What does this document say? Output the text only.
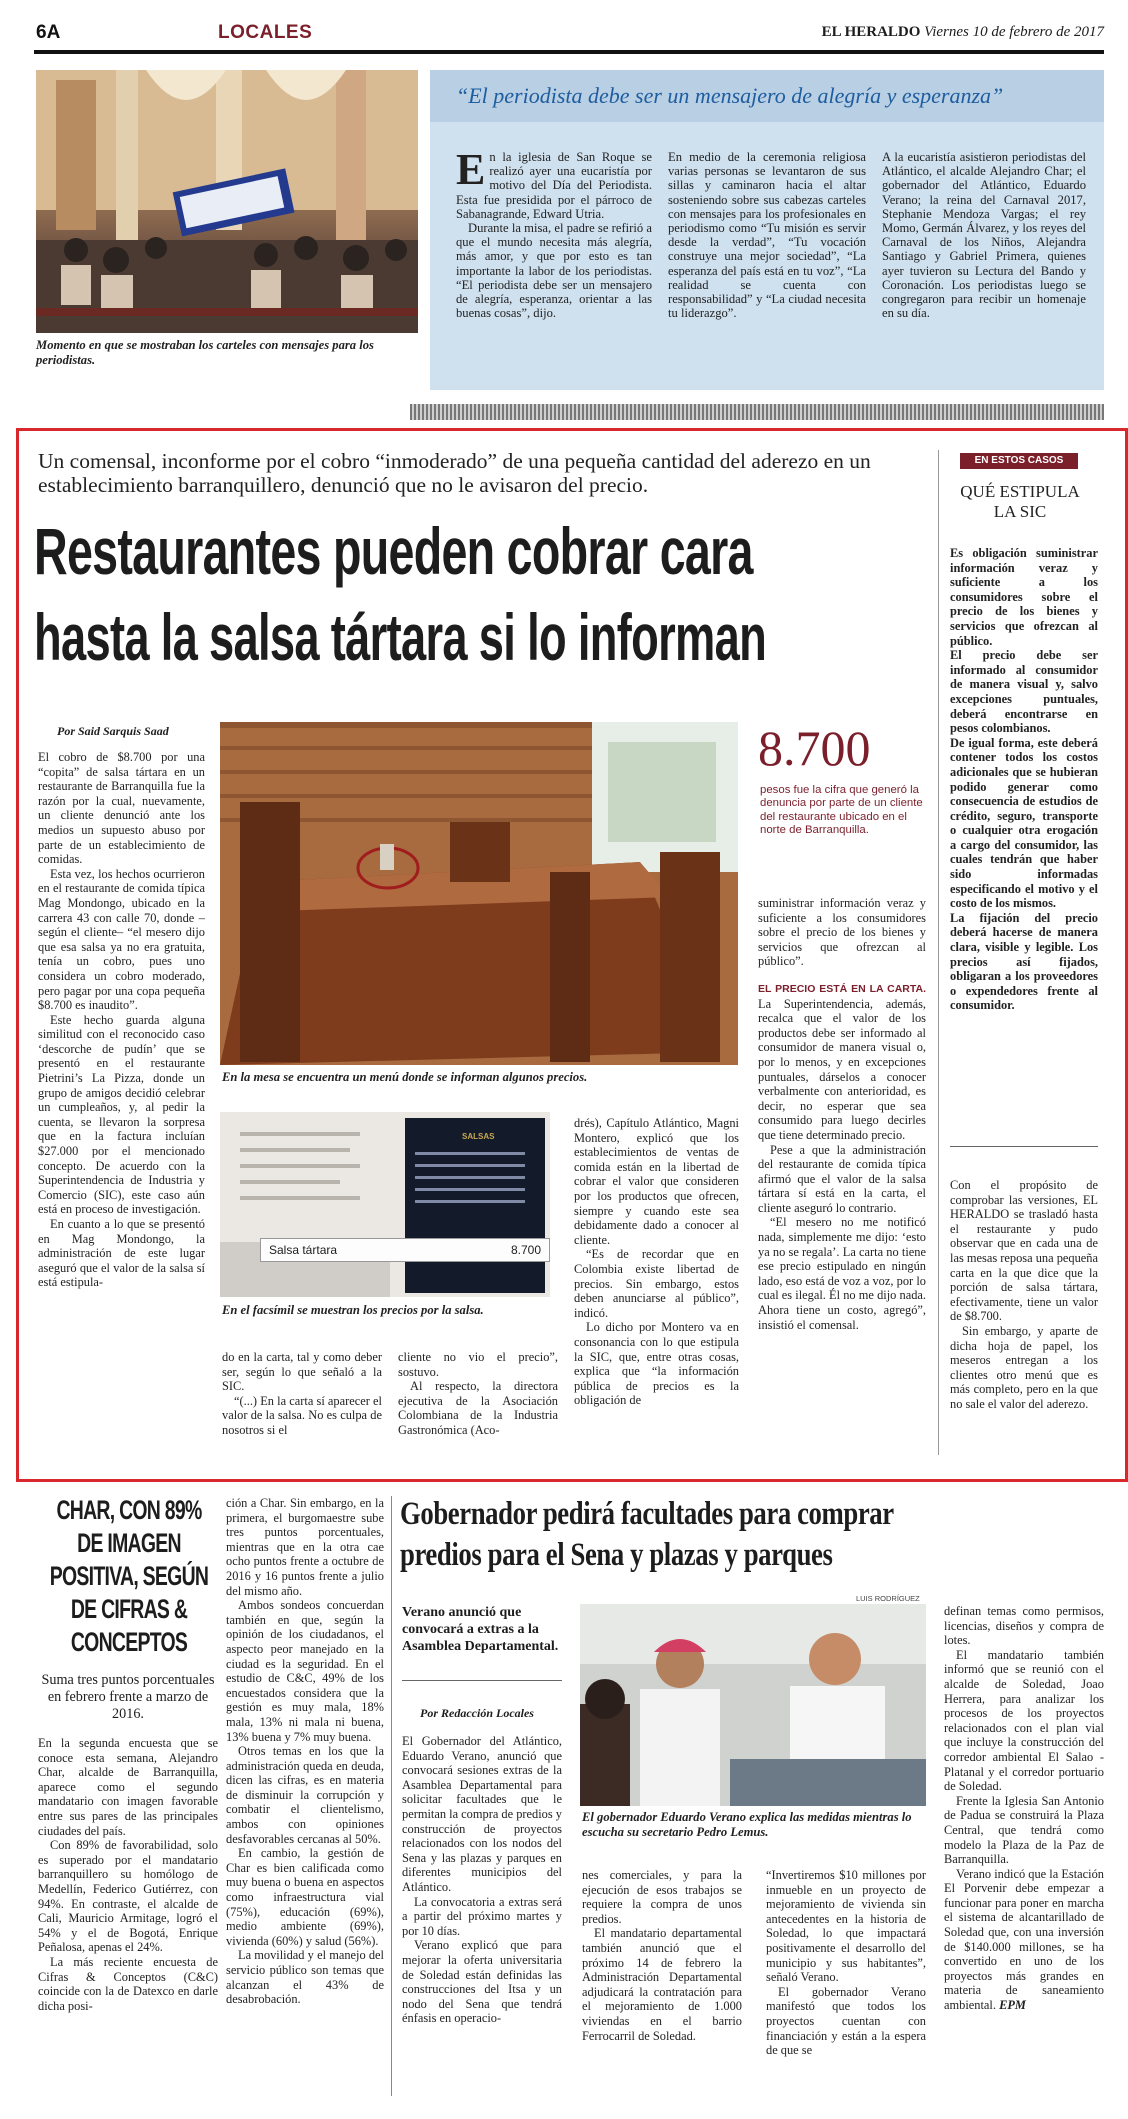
6A	LOCALES	EL HERALDO Viernes 10 de febrero de 2017
Momento en que se mostraban los carteles con mensajes para los periodistas.
“El periodista debe ser un mensajero de alegría y esperanza”
E n la iglesia de San Roque se realizó ayer una eucaristía por motivo del Día del Periodista. Esta fue presidida por el párroco de Sabanagrande, Edward Utria.

Durante la misa, el padre se refirió a que el mundo necesita más alegría, más amor, y que por esto es tan importante la labor de los periodistas. “El periodista debe ser un mensajero de alegría, esperanza, orientar a las buenas cosas”, dijo.

En medio de la ceremonia religiosa varias personas se levantaron de sus sillas y caminaron hacia el altar sosteniendo sobre sus cabezas carteles con mensajes para los profesionales en periodismo como “Tu misión es servir desde la verdad”, “Tu vocación construye una mejor sociedad”, “La esperanza del país está en tu voz”, “La realidad se cuenta con responsabilidad” y “La ciudad necesita tu liderazgo”.

A la eucaristía asistieron periodistas del Atlántico, el alcalde Alejandro Char; el gobernador del Atlántico, Eduardo Verano; la reina del Carnaval 2017, Stephanie Mendoza Vargas; el rey Momo, Germán Álvarez, y los reyes del Carnaval de los Niños, Alejandra Santiago y Gabriel Primera, quienes ayer tuvieron su Lectura del Bando y Coronación. Los periodistas luego se congregaron para recibir un homenaje en su día.

Un comensal, inconforme por el cobro “inmoderado” de una pequeña cantidad del aderezo en un establecimiento barranquillero, denunció que no le avisaron del precio.
Restaurantes pueden cobrar cara
hasta la salsa tártara si lo informan
Por Said Sarquis Saad

El cobro de $8.700 por una “copita” de salsa tártara en un restaurante de Barranquilla fue la razón por la cual, nuevamente, un cliente denunció ante los medios un supuesto abuso por parte de un establecimiento de comidas.

Esta vez, los hechos ocurrieron en el restaurante de comida típica Mag Mondongo, ubicado en la carrera 43 con calle 70, donde –según el cliente– “el mesero dijo que esa salsa ya no era gratuita, tenía un cobro, pues uno considera un cobro moderado, pero pagar por una copa pequeña $8.700 es inaudito”.

Este hecho guarda alguna similitud con el reconocido caso ‘descorche de pudín’ que se presentó en el restaurante Pietrini’s La Pizza, donde un grupo de amigos decidió celebrar un cumpleaños, y, al pedir la cuenta, se llevaron la sorpresa que en la factura incluían $27.000 por el mencionado concepto. De acuerdo con la Superintendencia de Industria y Comercio (SIC), este caso aún está en proceso de investigación.

En cuanto a lo que se presentó en Mag Mondongo, la administración de este lugar aseguró que el valor de la salsa sí está estipula-

En la mesa se encuentra un menú donde se informan algunos precios.
8.700
pesos fue la cifra que generó la denuncia por parte de un cliente del restaurante ubicado en el norte de Barranquilla.
SALSAS
Salsa tártara	8.700
En el facsímil se muestran los precios por la salsa.

do en la carta, tal y como deber ser, según lo que señaló a la SIC.

“(...) En la carta sí aparecer el valor de la salsa. No es culpa de nosotros si el

cliente no vio el precio”, sostuvo.

Al respecto, la directora ejecutiva de la Asociación Colombiana de la Industria Gastronómica (Aco-

drés), Capítulo Atlántico, Magni Montero, explicó que los establecimientos de ventas de comida están en la libertad de cobrar el valor que consideren por los productos que ofrecen, siempre y cuando este sea debidamente dado a conocer al cliente.

“Es de recordar que en Colombia existe libertad de precios. Sin embargo, estos deben anunciarse al público”, indicó.

Lo dicho por Montero va en consonancia con lo que estipula la SIC, que, entre otras cosas, explica que “la información pública de precios es la obligación de

suministrar información veraz y suficiente a los consumidores sobre el precio de los bienes y servicios que ofrezcan al público”.

EL PRECIO ESTÁ EN LA CARTA. La Superintendencia, además, recalca que el valor de los productos debe ser informado al consumidor de manera visual o, por lo menos, y en excepciones puntuales, dárselos a conocer verbalmente con anterioridad, es decir, no esperar que sea consumido para luego decirles que tiene determinado precio.

Pese a que la administración del restaurante de comida típica afirmó que el valor de la salsa tártara sí está en la carta, el cliente aseguró lo contrario.

“El mesero no me notificó nada, simplemente me dijo: ‘esto ya no se regala’. La carta no tiene ese precio estipulado en ningún lado, eso está de voz a voz, por lo cual es ilegal. Él no me dijo nada. Ahora tiene un costo, agregó”, insistió el comensal.

EN ESTOS CASOS
QUÉ ESTIPULA LA SIC

Es obligación suministrar información veraz y suficiente a los consumidores sobre el precio de los bienes y servicios que ofrezcan al público.

El precio debe ser informado al consumidor de manera visual y, salvo excepciones puntuales, deberá encontrarse en pesos colombianos.

De igual forma, este deberá contener todos los costos adicionales que se hubieran podido generar como consecuencia de estudios de crédito, seguro, transporte o cualquier otra erogación a cargo del consumidor, las cuales tendrán que haber sido informadas especificando el motivo y el costo de los mismos.

La fijación del precio deberá hacerse de manera clara, visible y legible. Los precios así fijados, obligaran a los proveedores o expendedores frente al consumidor.

Con el propósito de comprobar las versiones, EL HERALDO se trasladó hasta el restaurante y pudo observar que en cada una de las mesas reposa una pequeña carta en la que dice que la porción de salsa tártara, efectivamente, tiene un valor de $8.700.

Sin embargo, y aparte de dicha hoja de papel, los meseros entregan a los clientes otro menú que es más completo, pero en la que no sale el valor del aderezo.

CHAR, CON 89%
DE IMAGEN
POSITIVA, SEGÚN
DE CIFRAS &
CONCEPTOS
Suma tres puntos porcentuales en febrero frente a marzo de 2016.

En la segunda encuesta que se conoce esta semana, Alejandro Char, alcalde de Barranquilla, aparece como el segundo mandatario con imagen favorable entre sus pares de las principales ciudades del país.

Con 89% de favorabilidad, solo es superado por el mandatario barranquillero su homólogo de Medellín, Federico Gutiérrez, con 94%. En contraste, el alcalde de Cali, Mauricio Armitage, logró el 54% y el de Bogotá, Enrique Peñalosa, apenas el 24%.

La más reciente encuesta de Cifras & Conceptos (C&C) coincide con la de Datexco en darle dicha posi-

ción a Char. Sin embargo, en la primera, el burgomaestre sube tres puntos porcentuales, mientras que en la otra cae ocho puntos frente a octubre de 2016 y 16 puntos frente a julio del mismo año.

Ambos sondeos concuerdan también en que, según la opinión de los ciudadanos, el aspecto peor manejado en la ciudad es la seguridad. En el estudio de C&C, 49% de los encuestados considera que la gestión es muy mala, 18% mala, 13% ni mala ni buena, 13% buena y 7% muy buena.

Otros temas en los que la administración queda en deuda, dicen las cifras, es en materia de disminuir la corrupción y combatir el clientelismo, ambos con opiniones desfavorables cercanas al 50%.

En cambio, la gestión de Char es bien calificada como muy buena o buena en aspectos como infraestructura vial (75%), educación (69%), medio ambiente (69%), vivienda (60%) y salud (56%).

La movilidad y el manejo del servicio público son temas que alcanzan el 43% de desabrobación.

Gobernador pedirá facultades para comprar
predios para el Sena y plazas y parques
Verano anunció que convocará a extras a la Asamblea Departamental.
Por Redacción Locales

El Gobernador del Atlántico, Eduardo Verano, anunció que convocará sesiones extras de la Asamblea Departamental para solicitar facultades que le permitan la compra de predios y construcción de proyectos relacionados con los nodos del Sena y las plazas y parques en diferentes municipios del Atlántico.

La convocatoria a extras será a partir del próximo martes y por 10 días.

Verano explicó que para mejorar la oferta universitaria de Soledad están definidas las construcciones del Itsa y un nodo del Sena que tendrá énfasis en operacio-

LUIS RODRÍGUEZ
El gobernador Eduardo Verano explica las medidas mientras lo escucha su secretario Pedro Lemus.

nes comerciales, y para la ejecución de esos trabajos se requiere la compra de unos predios.

El mandatario departamental también anunció que el próximo 14 de febrero la Administración Departamental adjudicará la contratación para el mejoramiento de 1.000 viviendas en el barrio Ferrocarril de Soledad.

“Invertiremos $10 millones por inmueble en un proyecto de mejoramiento de vivienda sin antecedentes en la historia de Soledad, lo que impactará positivamente el desarrollo del municipio y sus habitantes”, señaló Verano.

El gobernador Verano manifestó que todos los proyectos cuentan con financiación y están a la espera de que se

definan temas como permisos, licencias, diseños y compra de lotes.

El mandatario también informó que se reunió con el alcalde de Soledad, Joao Herrera, para analizar los procesos de los proyectos relacionados con el plan vial que incluye la construcción del corredor ambiental El Salao - Platanal y el corredor portuario de Soledad.

Frente la Iglesia San Antonio de Padua se construirá la Plaza Central, que tendrá como modelo la Plaza de la Paz de Barranquilla.

Verano indicó que la Estación El Porvenir debe empezar a funcionar para poner en marcha el sistema de alcantarillado de Soledad que, con una inversión de $140.000 millones, se ha convertido en uno de los proyectos más grandes en materia de saneamiento ambiental. EPM
